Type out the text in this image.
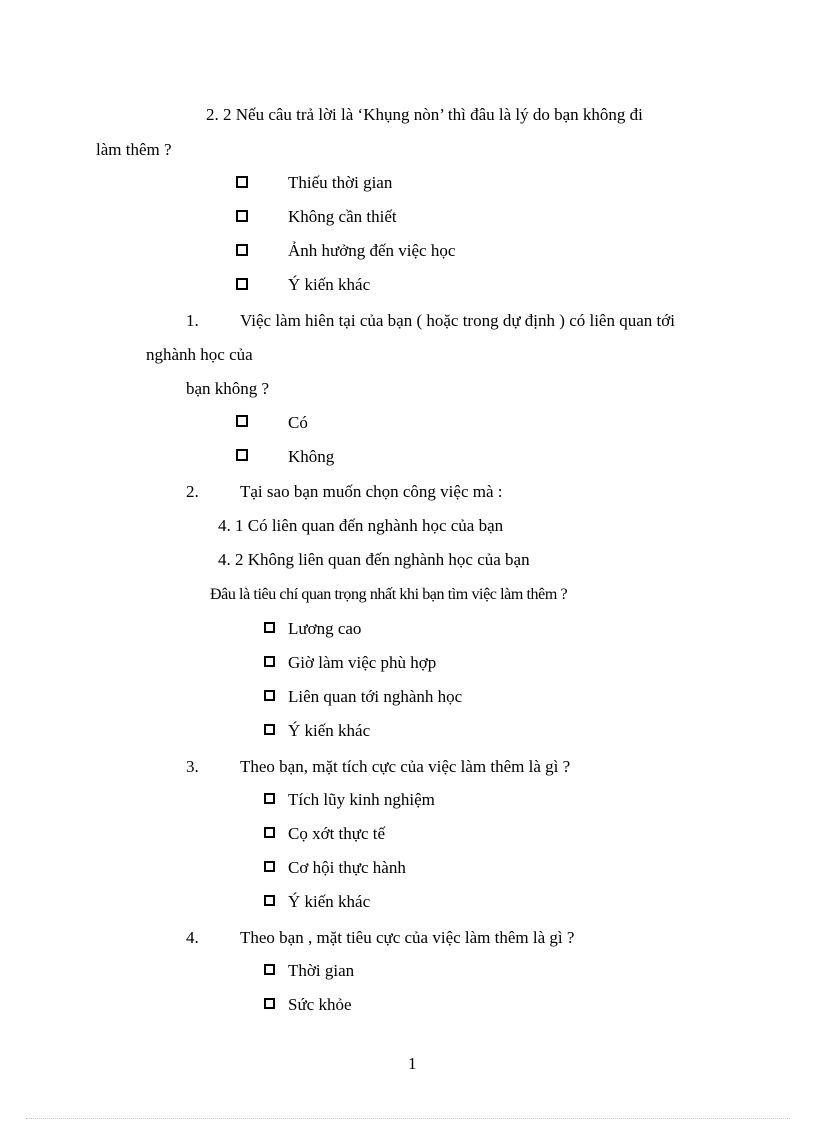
2. 2 Nếu câu trả lời là ‘Khụng nòn’ thì đâu là lý do bạn không đi
làm thêm ?
Thiếu thời gian
Không cần thiết
Ảnh hưởng đến việc học
Ý kiến khác
1. Việc làm hiên tại của bạn ( hoặc trong dự định ) có liên quan tới
nghành học của
bạn không ?
Có
Không
2. Tại sao bạn muốn chọn công việc mà :
4. 1 Có liên quan đến nghành học của bạn
4. 2 Không liên quan đến nghành học của bạn
Đâu là tiêu chí quan trọng nhất khi bạn tìm việc làm thêm ?
Lương cao
Giờ làm việc phù hợp
Liên quan tới nghành học
Ý kiến khác
3. Theo bạn, mặt tích cực của việc làm thêm là gì ?
Tích lũy kinh nghiệm
Cọ xớt thực tế
Cơ hội thực hành
Ý kiến khác
4. Theo bạn , mặt tiêu cực của việc làm thêm là gì ?
Thời gian
Sức khỏe
1
